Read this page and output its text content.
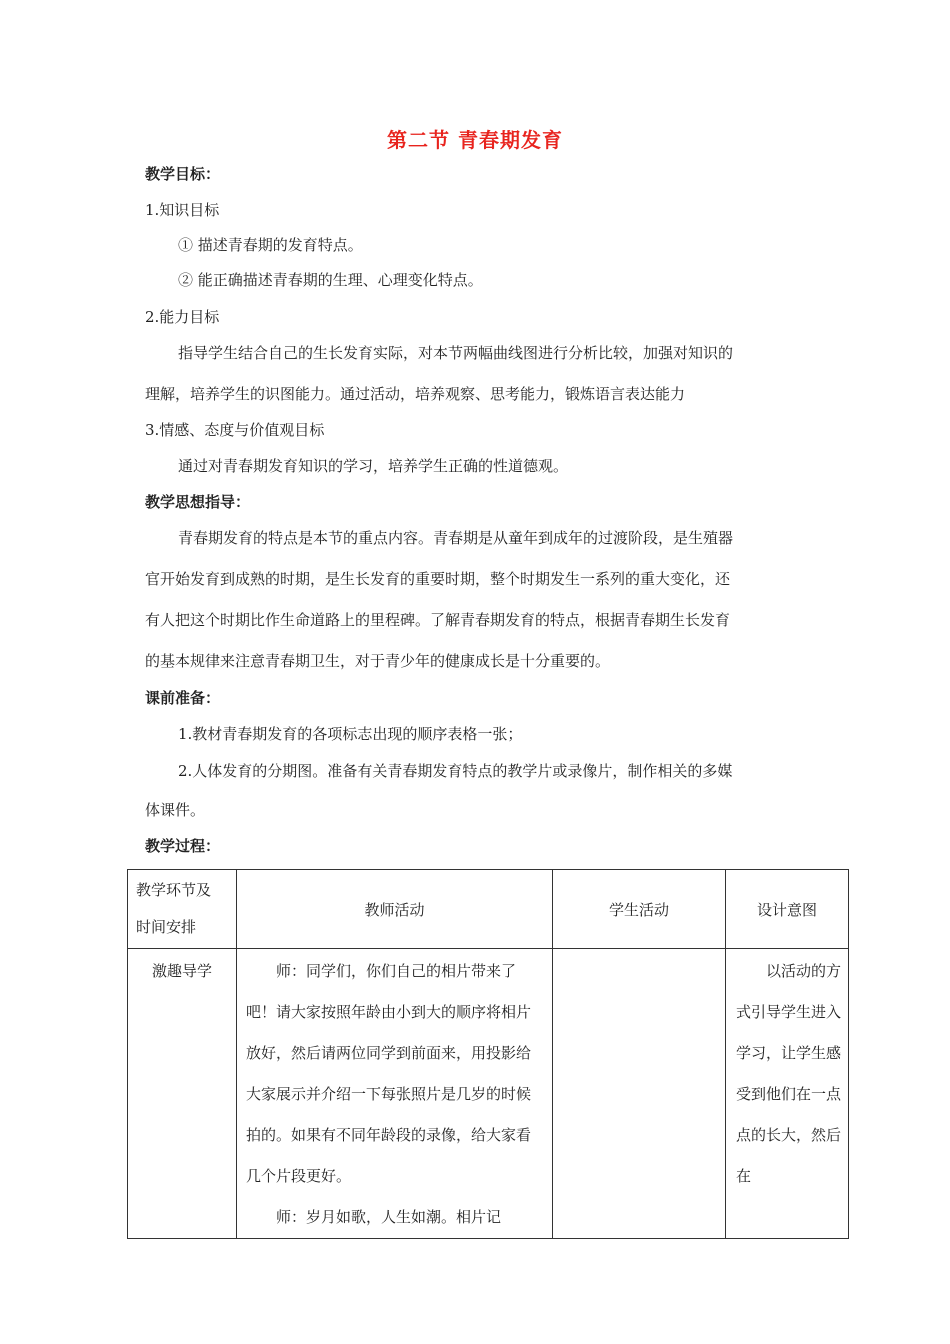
第二节 青春期发育
教学目标：
1.知识目标
① 描述青春期的发育特点。
② 能正确描述青春期的生理、心理变化特点。
2.能力目标
指导学生结合自己的生长发育实际，对本节两幅曲线图进行分析比较，加强对知识的
理解，培养学生的识图能力。通过活动，培养观察、思考能力，锻炼语言表达能力
3.情感、态度与价值观目标
通过对青春期发育知识的学习，培养学生正确的性道德观。
教学思想指导：
青春期发育的特点是本节的重点内容。青春期是从童年到成年的过渡阶段，是生殖器
官开始发育到成熟的时期，是生长发育的重要时期，整个时期发生一系列的重大变化，还
有人把这个时期比作生命道路上的里程碑。了解青春期发育的特点，根据青春期生长发育
的基本规律来注意青春期卫生，对于青少年的健康成长是十分重要的。
课前准备：
1.教材青春期发育的各项标志出现的顺序表格一张；
2.人体发育的分期图。准备有关青春期发育特点的教学片或录像片，制作相关的多媒
体课件。
教学过程：
教学环节及
时间安排	教师活动	学生活动	设计意图
激趣导学	　　师：同学们，你们自己的相片带来了吧！请大家按照年龄由小到大的顺序将相片放好，然后请两位同学到前面来，用投影给大家展示并介绍一下每张照片是几岁的时候拍的。如果有不同年龄段的录像，给大家看几个片段更好。
　　师：岁月如歌，人生如潮。相片记		　　以活动的方式引导学生进入学习，让学生感受到他们在一点点的长大，然后在
